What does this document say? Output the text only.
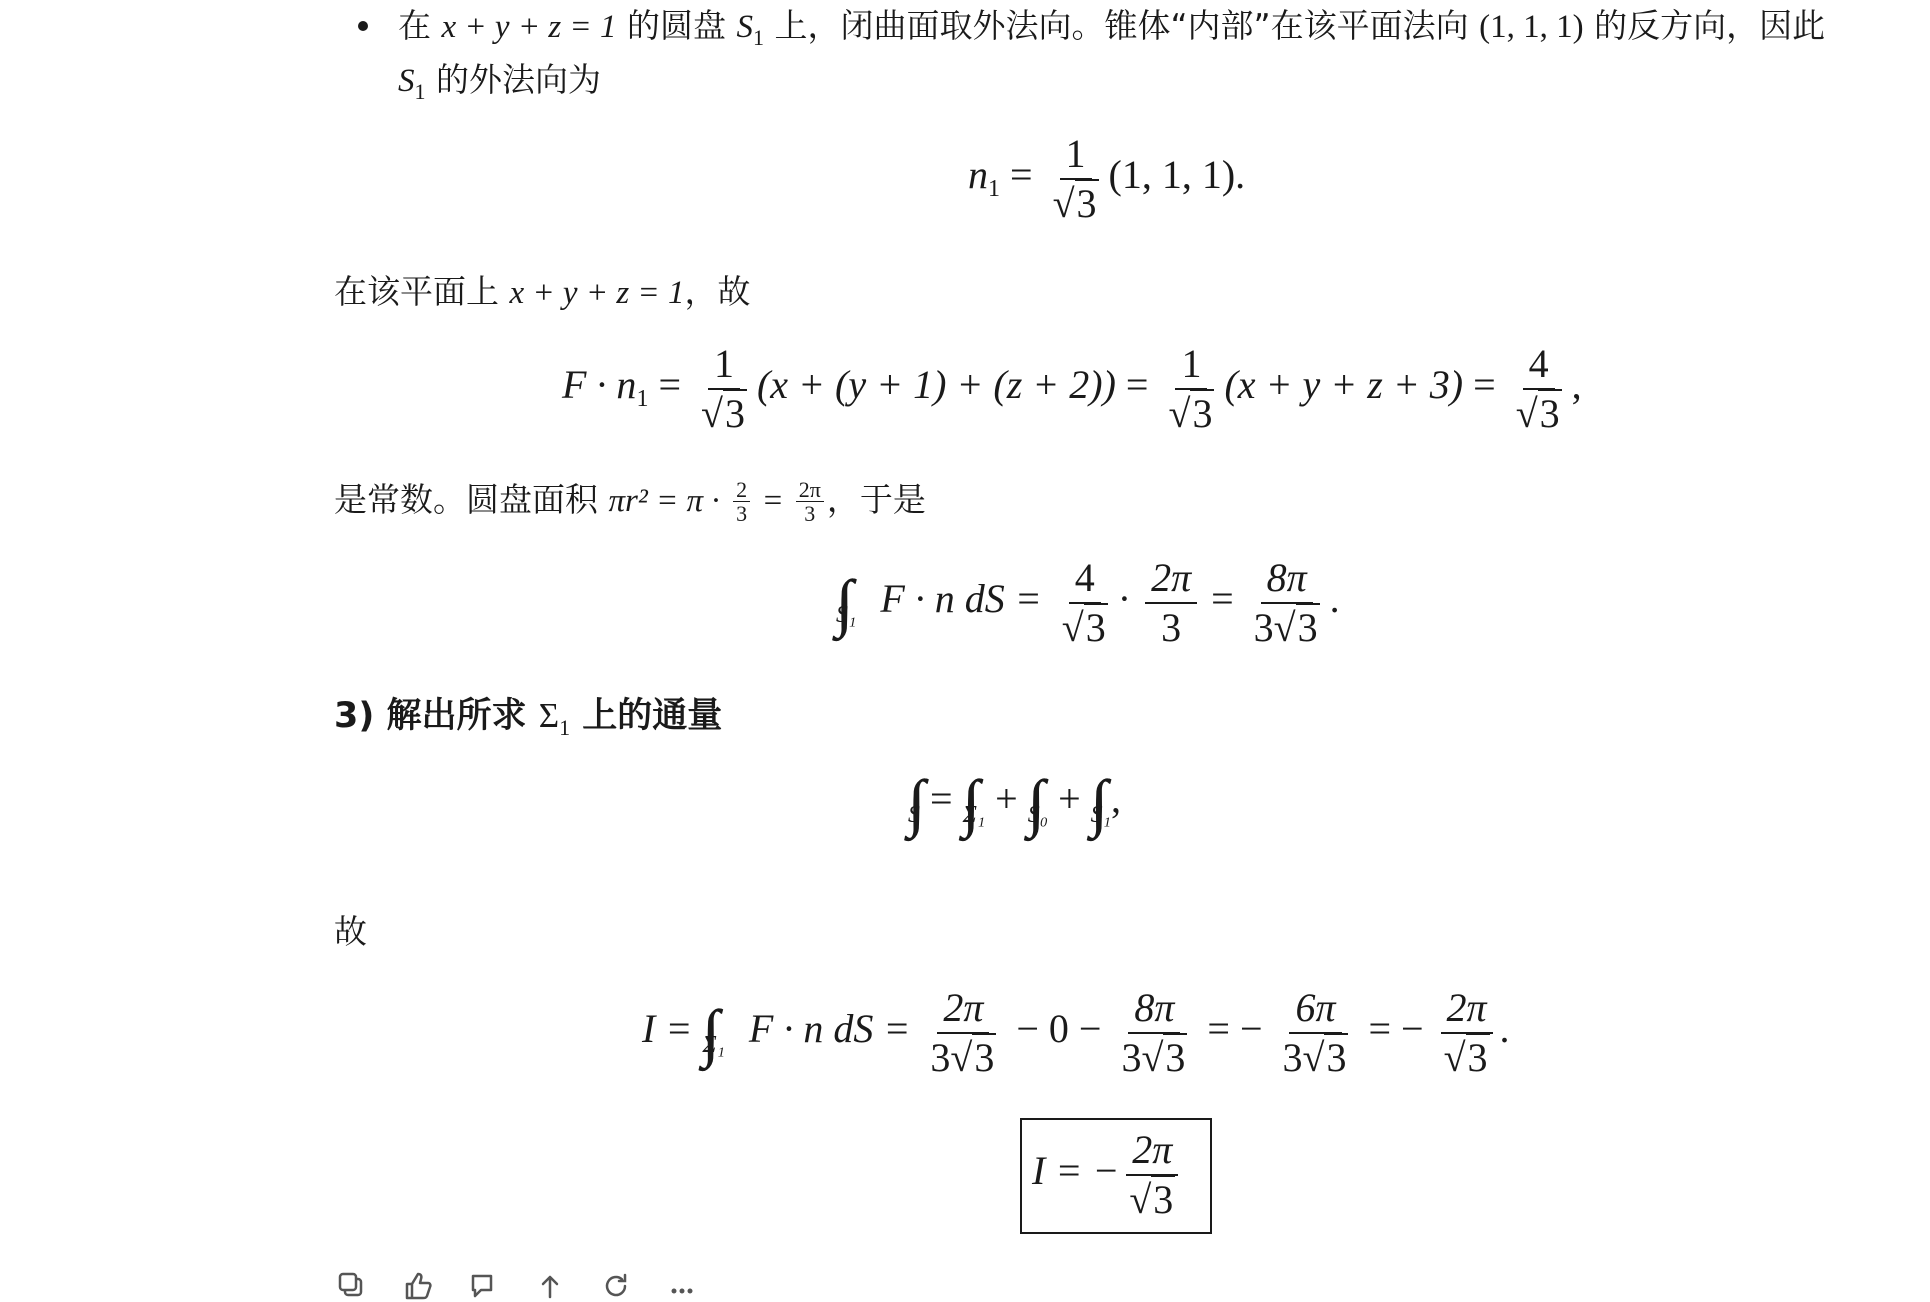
在 x + y + z = 1 的圆盘 $S_1$ 上，闭曲面取外法向。锥体“内部”在该平面法向 (1, 1, 1) 的反方向，因此
$S_1$ 的外法向为
$n_1 = \frac{1}{√3} (1$, 1, 1).
在该平面上 x + y + z = 1，故
$F \cdot n_1 = \frac{1}{√3} (x + (y + 1) + (z + 2)) = \frac{1}{√3} (x + y + z + 3) = \frac{4}{√3}$ ,
是常数。圆盘面积 $\pi r^2 = \pi \cdot \frac{2}{3} = \frac{2\pi}{3}$ ，于是
$_{S_1}$ F · n dS = $\frac{4}{√3} \cdot \frac{2\pi}{3} = \frac{8\pi}{3√3}$ .
3) 解出所求 $\Sigma_1$ 上的通量
$_S$ = $_{\Sigma_1}$ + $_{S_0}$ + $_{S_1}$,
故
I = $_{\Sigma_1}$ F · n dS = $\frac{2\pi}{3√3} - 0 - \frac{8\pi}{3√3}$ = − $\frac{6\pi}{3√3}$ = − $\frac{2\pi}{√3}$ .
I = − $\frac{2\pi}{√3}$
